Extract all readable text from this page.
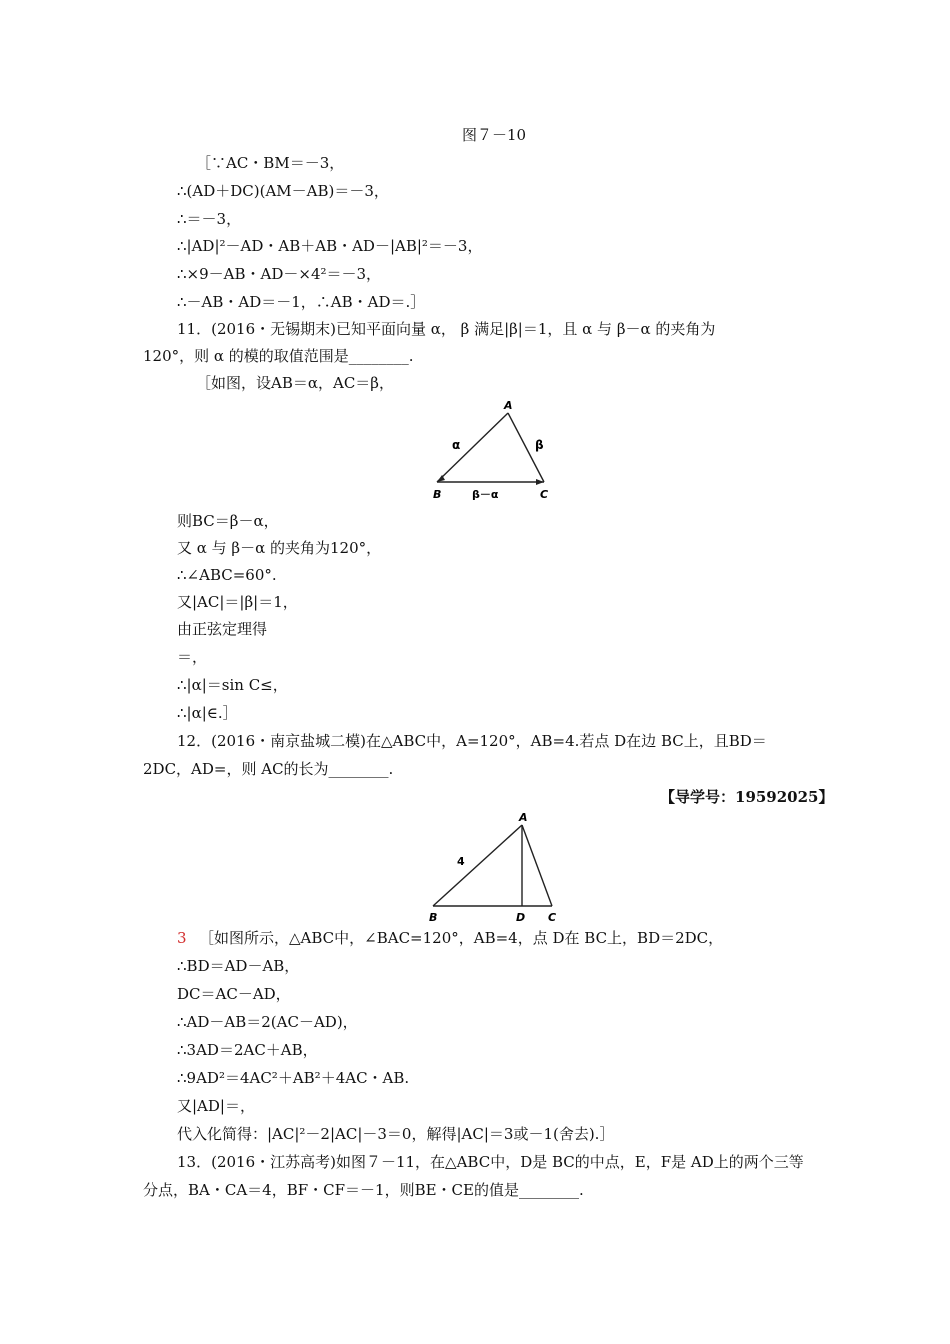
图７－10
［∵AC・BM＝－3，
∴(AD＋DC)(AM－AB)＝－3，
∴＝－3，
∴|AD|²－AD・AB＋AB・AD－|AB|²＝－3，
∴×9－AB・AD－×4²＝－3，
∴－AB・AD＝－1，∴AB・AD＝.］
11．(2016・无锡期末)已知平面向量 α， β 满足|β|＝1，且 α 与 β－α 的夹角为
120°，则 α 的模的取值范围是________.
［如图，设AB＝α，AC＝β，
A
B	C
α	β
β－α
则BC＝β－α，
又 α 与 β－α 的夹角为120°，
∴∠ABC=60°.
又|AC|＝|β|＝1，
由正弦定理得
＝，
∴|α|＝sin C≤，
∴|α|∈.］
12．(2016・南京盐城二模)在△ABC中，A=120°，AB=4.若点 D在边 BC上，且BD＝
2DC，AD=，则 AC的长为________.
【导学号：19592025】
A
B	D C
4
3 ［如图所示，△ABC中，∠BAC=120°，AB=4，点 D在 BC上，BD＝2DC，
∴BD＝AD－AB，
DC＝AC－AD，
∴AD－AB＝2(AC－AD)，
∴3AD＝2AC＋AB，
∴9AD²＝4AC²＋AB²＋4AC・AB.
又|AD|＝，
代入化简得：|AC|²－2|AC|－3＝0，解得|AC|＝3或－1(舍去).］
13．(2016・江苏高考)如图７－11，在△ABC中，D是 BC的中点，E，F是 AD上的两个三等
分点，BA・CA＝4，BF・CF＝－1，则BE・CE的值是________.
